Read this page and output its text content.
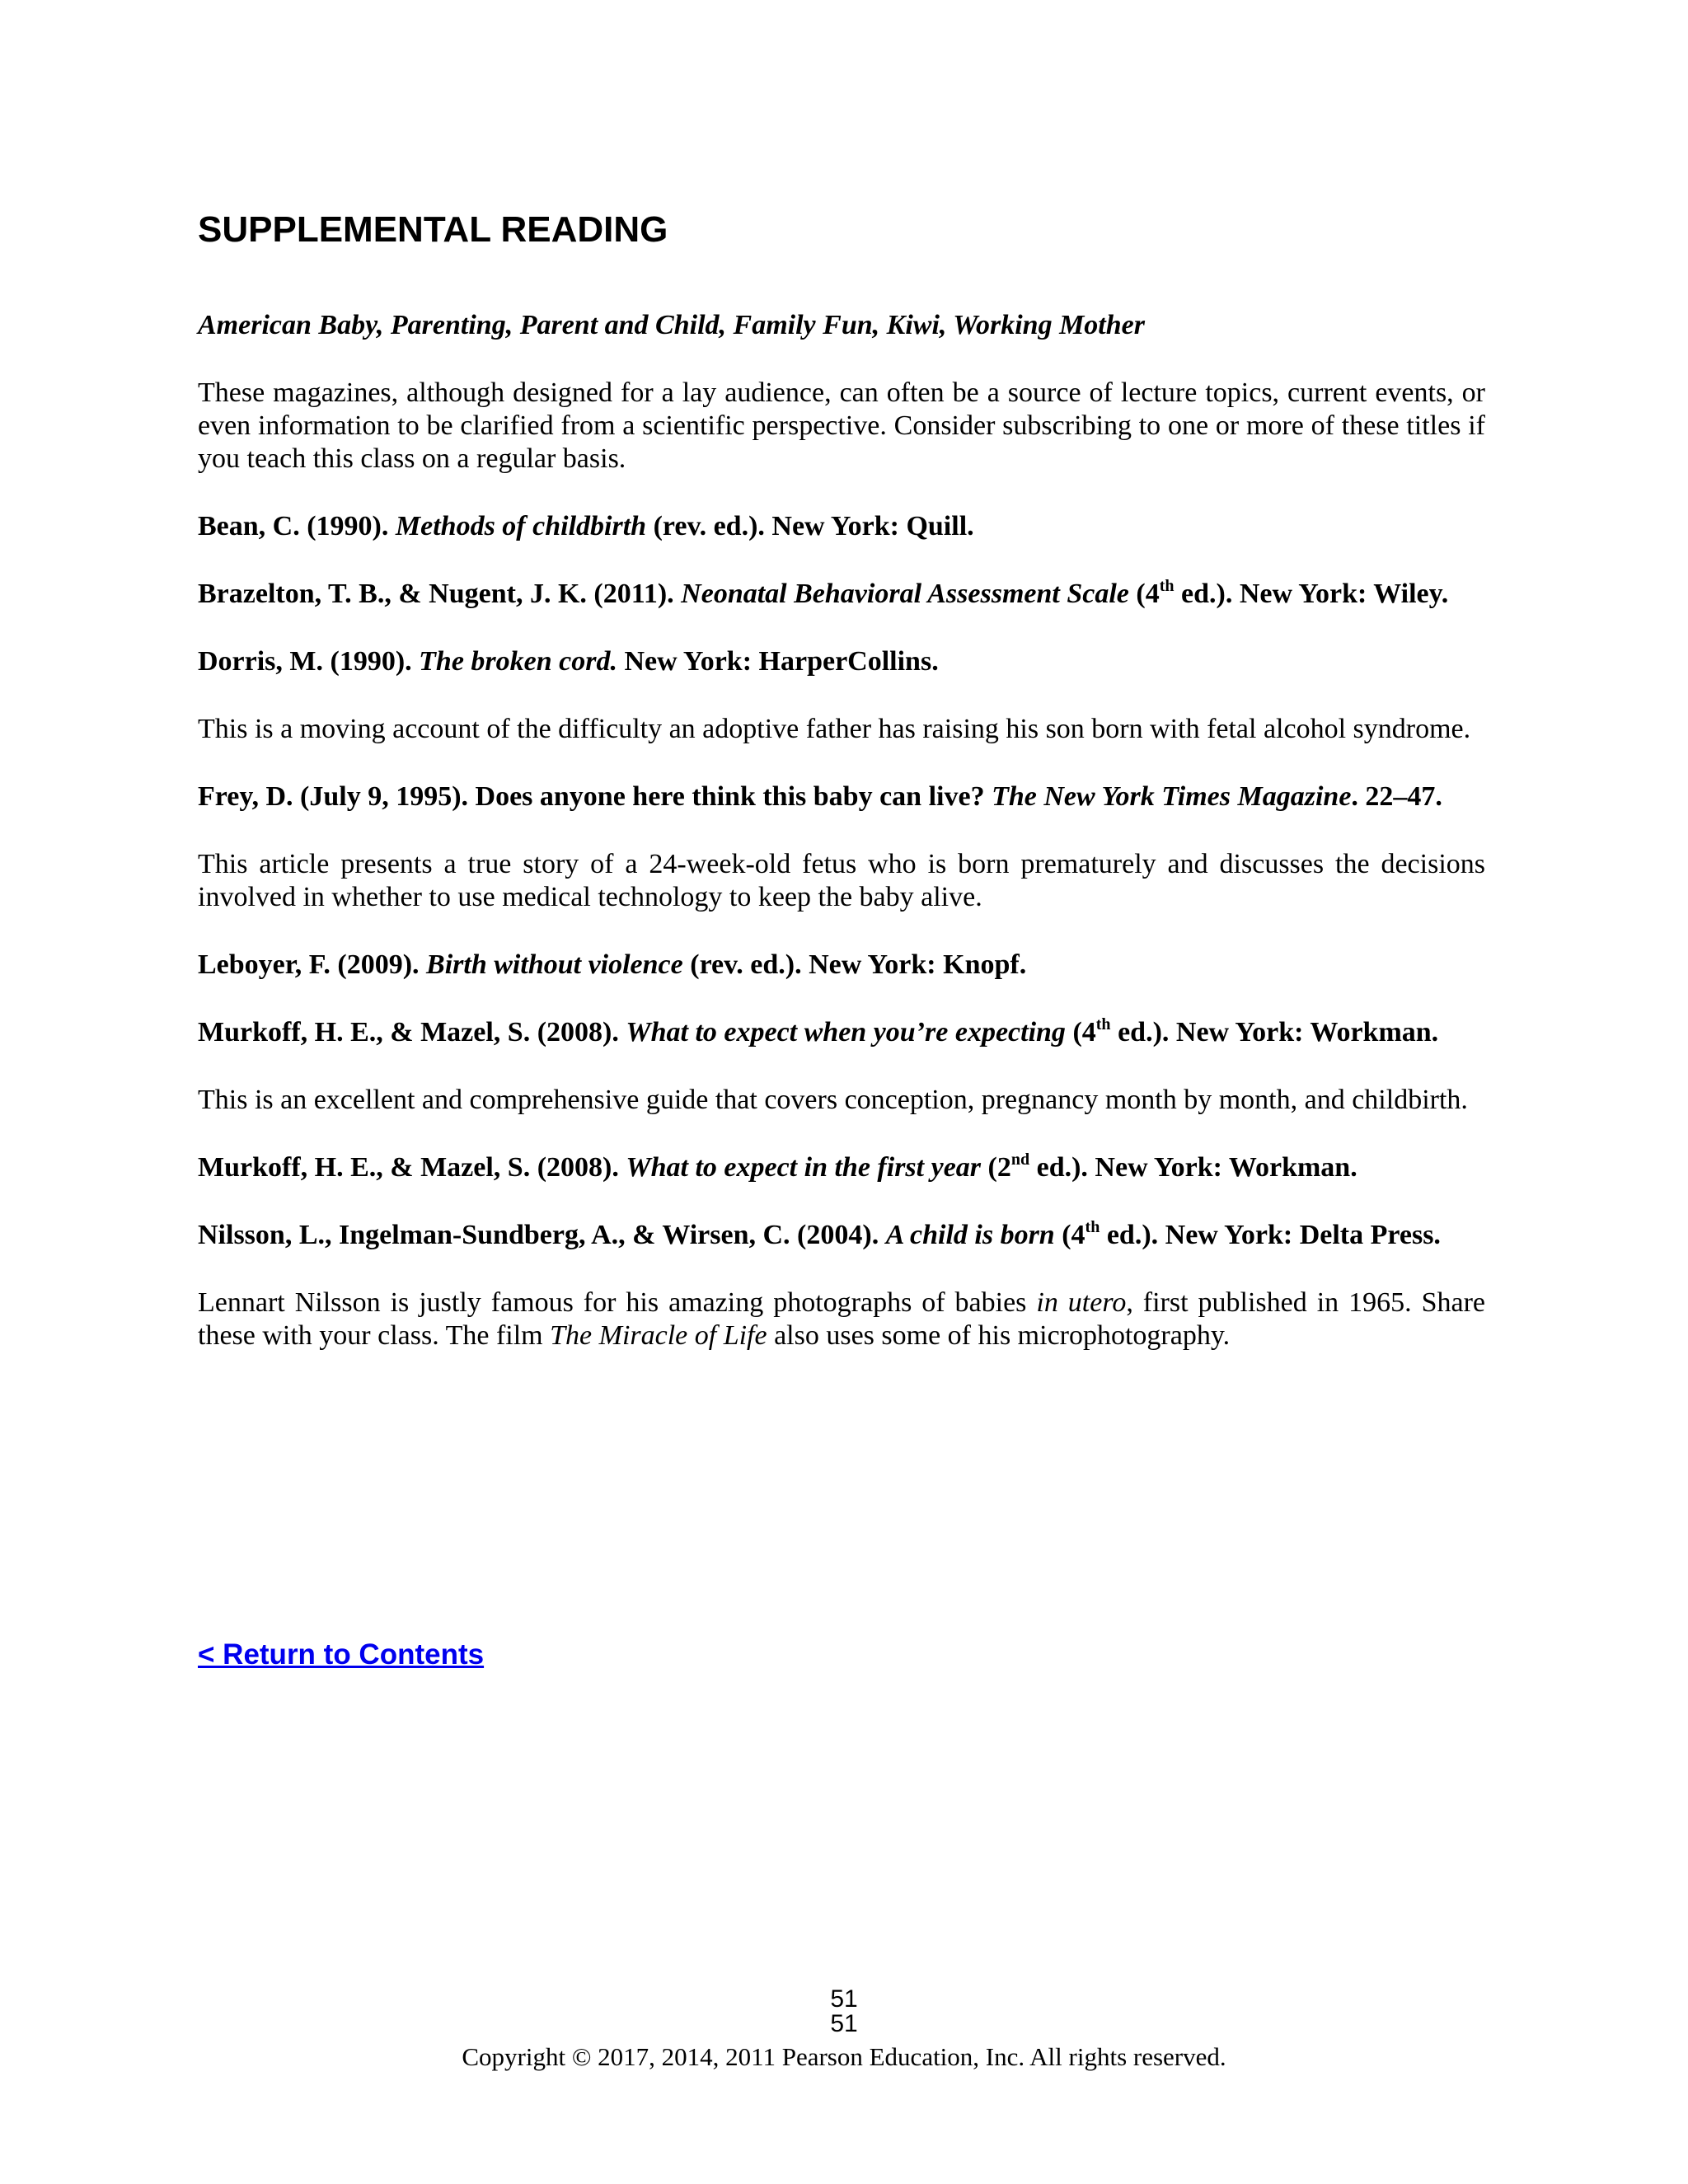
SUPPLEMENTAL READING

American Baby, Parenting, Parent and Child, Family Fun, Kiwi, Working Mother

These magazines, although designed for a lay audience, can often be a source of lecture topics, current events, or even information to be clarified from a scientific perspective. Consider subscribing to one or more of these titles if you teach this class on a regular basis.

Bean, C. (1990). Methods of childbirth (rev. ed.). New York: Quill.

Brazelton, T. B., & Nugent, J. K. (2011). Neonatal Behavioral Assessment Scale (4th ed.). New York: Wiley.

Dorris, M. (1990). The broken cord. New York: HarperCollins.

This is a moving account of the difficulty an adoptive father has raising his son born with fetal alcohol syndrome.

Frey, D. (July 9, 1995). Does anyone here think this baby can live? The New York Times Magazine. 22–47.

This article presents a true story of a 24-week-old fetus who is born prematurely and discusses the decisions involved in whether to use medical technology to keep the baby alive.

Leboyer, F. (2009). Birth without violence (rev. ed.). New York: Knopf.

Murkoff, H. E., & Mazel, S. (2008). What to expect when you’re expecting (4th ed.). New York: Workman.

This is an excellent and comprehensive guide that covers conception, pregnancy month by month, and childbirth.

Murkoff, H. E., & Mazel, S. (2008). What to expect in the first year (2nd ed.). New York: Workman.

Nilsson, L., Ingelman-Sundberg, A., & Wirsen, C. (2004). A child is born (4th ed.). New York: Delta Press.

Lennart Nilsson is justly famous for his amazing photographs of babies in utero, first published in 1965. Share these with your class. The film The Miracle of Life also uses some of his microphotography.

< Return to Contents
51
51
Copyright © 2017, 2014, 2011 Pearson Education, Inc. All rights reserved.
